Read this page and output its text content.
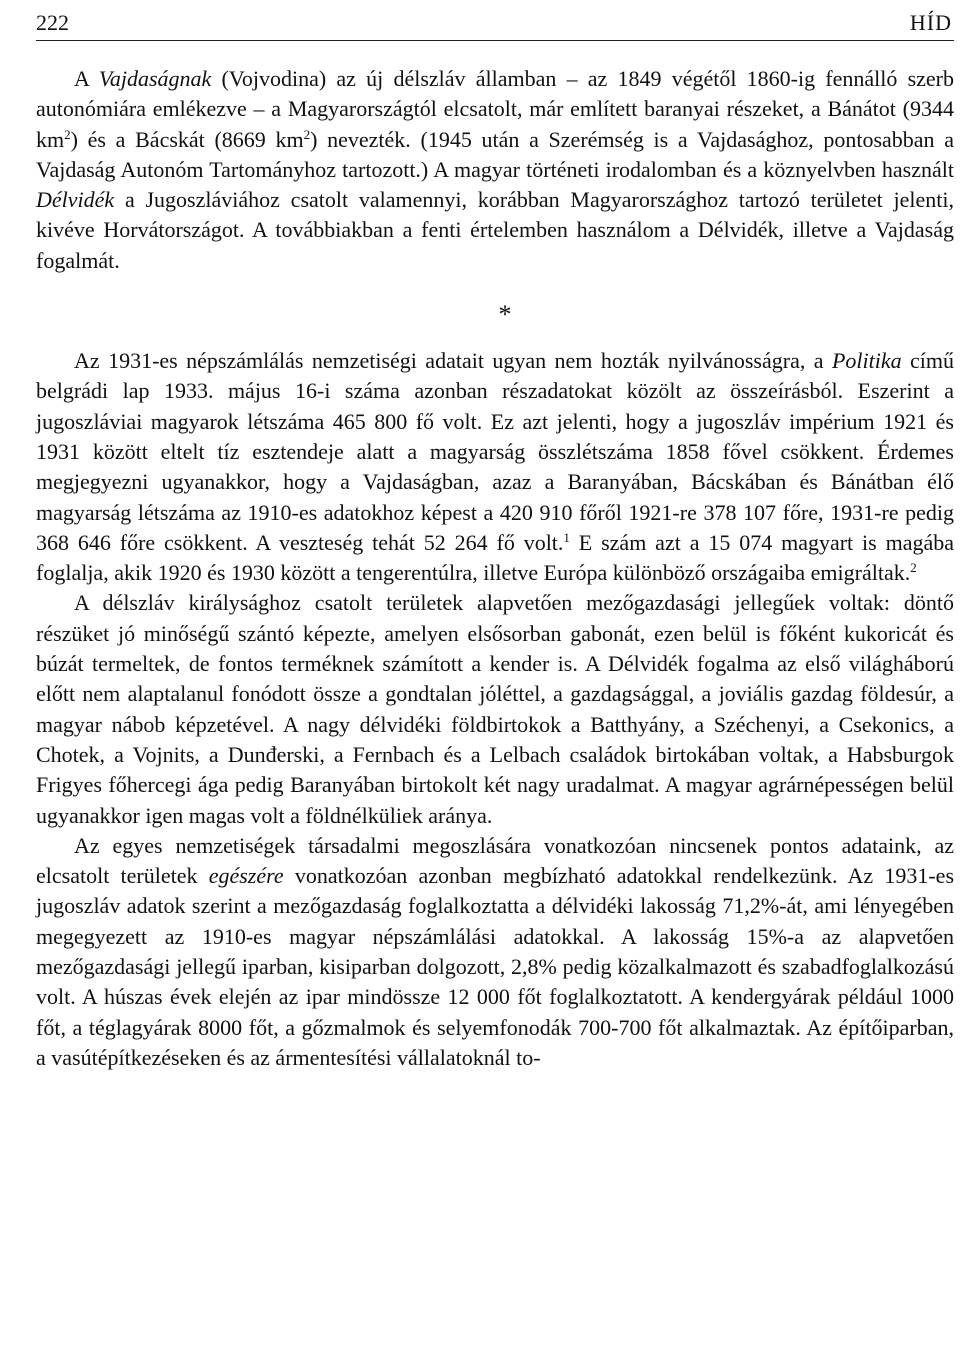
222	HÍD

A Vajdaságnak (Vojvodina) az új délszláv államban – az 1849 végétől 1860-ig fennálló szerb autonómiára emlékezve – a Magyarországtól elcsatolt, már említett baranyai részeket, a Bánátot (9344 $km^2$) és a Bácskát (8669 $km^2$) nevezték. (1945 után a Szerémség is a Vajdasághoz, pontosabban a Vajdaság Autonóm Tartományhoz tartozott.) A magyar történeti irodalomban és a köznyelvben használt Délvidék a Jugoszláviához csatolt valamennyi, korábban Magyarországhoz tartozó területet jelenti, kivéve Horvátországot. A továbbiakban a fenti értelemben használom a Délvidék, illetve a Vajdaság fogalmát.

*

Az 1931-es népszámlálás nemzetiségi adatait ugyan nem hozták nyilvánosságra, a Politika című belgrádi lap 1933. május 16-i száma azonban részadatokat közölt az összeírásból. Eszerint a jugoszláviai magyarok létszáma 465 800 fő volt. Ez azt jelenti, hogy a jugoszláv impérium 1921 és 1931 között eltelt tíz esztendeje alatt a magyarság összlétszáma 1858 fővel csökkent. Érdemes megjegyezni ugyanakkor, hogy a Vajdaságban, azaz a Baranyában, Bácskában és Bánátban élő magyarság létszáma az 1910-es adatokhoz képest a 420 910 főről 1921-re 378 107 főre, 1931-re pedig 368 646 főre csökkent. A veszteség tehát 52 264 fő volt.$^1$ E szám azt a 15 074 magyart is magába foglalja, akik 1920 és 1930 között a tengerentúlra, illetve Európa különböző országaiba emigráltak.$^2$

A délszláv királysághoz csatolt területek alapvetően mezőgazdasági jellegűek voltak: döntő részüket jó minőségű szántó képezte, amelyen elsősorban gabonát, ezen belül is főként kukoricát és búzát termeltek, de fontos terméknek számított a kender is. A Délvidék fogalma az első világháború előtt nem alaptalanul fonódott össze a gondtalan jóléttel, a gazdagsággal, a joviális gazdag földesúr, a magyar nábob képzetével. A nagy délvidéki földbirtokok a Batthyány, a Széchenyi, a Csekonics, a Chotek, a Vojnits, a Dunđerski, a Fernbach és a Lelbach családok birtokában voltak, a Habsburgok Frigyes főhercegi ága pedig Baranyában birtokolt két nagy uradalmat. A magyar agrárnépességen belül ugyanakkor igen magas volt a földnélküliek aránya.

Az egyes nemzetiségek társadalmi megoszlására vonatkozóan nincsenek pontos adataink, az elcsatolt területek egészére vonatkozóan azonban megbízható adatokkal rendelkezünk. Az 1931-es jugoszláv adatok szerint a mezőgazdaság foglalkoztatta a délvidéki lakosság 71,2%-át, ami lényegében megegyezett az 1910-es magyar népszámlálási adatokkal. A lakosság 15%-a az alapvetően mezőgazdasági jellegű iparban, kisiparban dolgozott, 2,8% pedig közalkalmazott és szabadfoglalkozású volt. A húszas évek elején az ipar mindössze 12 000 főt foglalkoztatott. A kendergyárak például 1000 főt, a téglagyárak 8000 főt, a gőzmalmok és selyemfonodák 700-700 főt alkalmaztak. Az építőiparban, a vasútépítkezéseken és az ármentesítési vállalatoknál to-
